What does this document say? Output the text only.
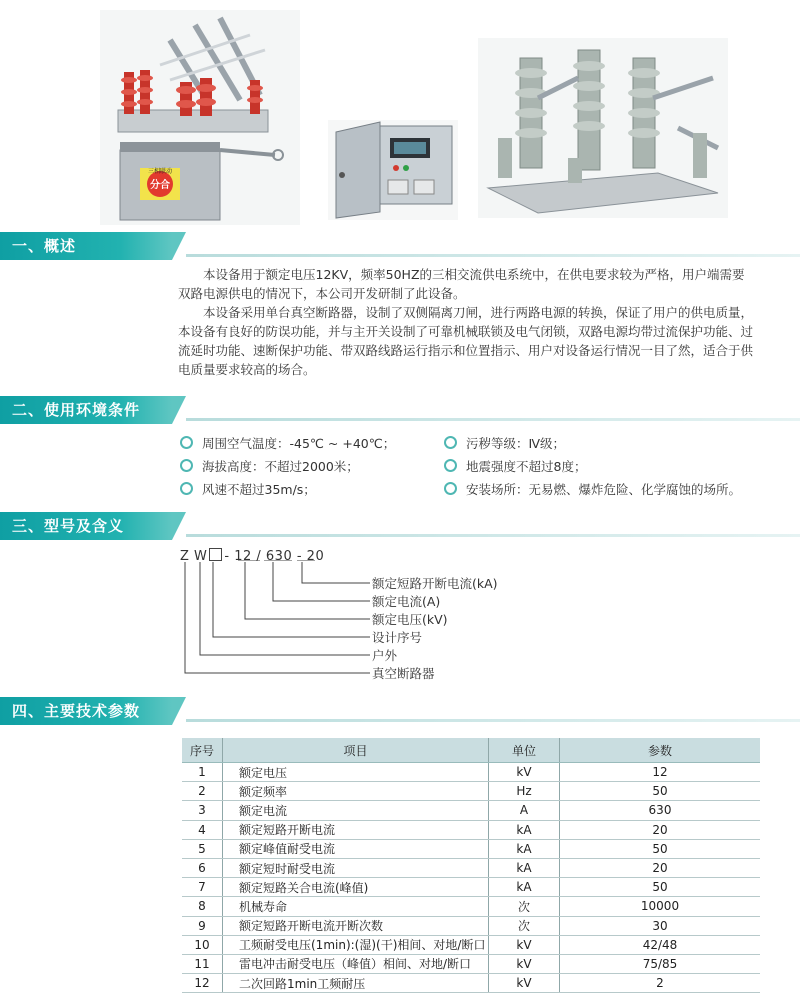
三相联动
分合
一、概述
本设备用于额定电压12KV，频率50HZ的三相交流供电系统中，在供电要求较为严格，用户端需要双路电源供电的情况下，本公司开发研制了此设备。
本设备采用单台真空断路器，设制了双侧隔离刀闸，进行两路电源的转换，保证了用户的供电质量，本设备有良好的防误功能，并与主开关设制了可靠机械联锁及电气闭锁，双路电源均带过流保护功能、过流延时功能、速断保护功能、带双路线路运行指示和位置指示、用户对设备运行情况一目了然，适合于供电质量要求较高的场合。
二、使用环境条件
周围空气温度：-45℃ ~ +40℃；
海拔高度：不超过2000米；
风速不超过35m/s；
污秽等级：Ⅳ级；
地震强度不超过8度；
安装场所：无易燃、爆炸危险、化学腐蚀的场所。
三、型号及含义
Z W - 12 / 630 - 20
额定短路开断电流(kA)
额定电流(A)
额定电压(kV)
设计序号
户外
真空断路器
四、主要技术参数
序号	项目	单位	参数
1	额定电压	kV	12
2	额定频率	Hz	50
3	额定电流	A	630
4	额定短路开断电流	kA	20
5	额定峰值耐受电流	kA	50
6	额定短时耐受电流	kA	20
7	额定短路关合电流(峰值)	kA	50
8	机械寿命	次	10000
9	额定短路开断电流开断次数	次	30
10	工频耐受电压(1min):(湿)(干)相间、对地/断口	kV	42/48
11	雷电冲击耐受电压（峰值）相间、对地/断口	kV	75/85
12	二次回路1min工频耐压	kV	2
